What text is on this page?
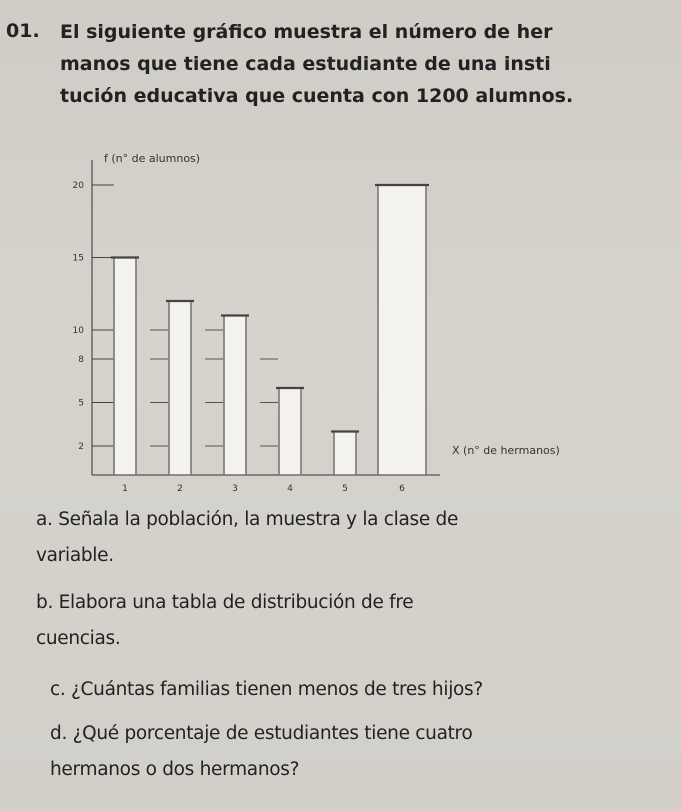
01. El siguiente gráfico muestra el número de her
manos que tiene cada estudiante de una insti
tución educativa que cuenta con 1200 alumnos.
f (n° de alumnos)
X (n° de hermanos)
20
15
10
8
5
2
1	2	3	4	5	6
a. Señala la población, la muestra y la clase de
variable.
b. Elabora una tabla de distribución de fre
cuencias.
c. ¿Cuántas familias tienen menos de tres hijos?
d. ¿Qué porcentaje de estudiantes tiene cuatro
hermanos o dos hermanos?
